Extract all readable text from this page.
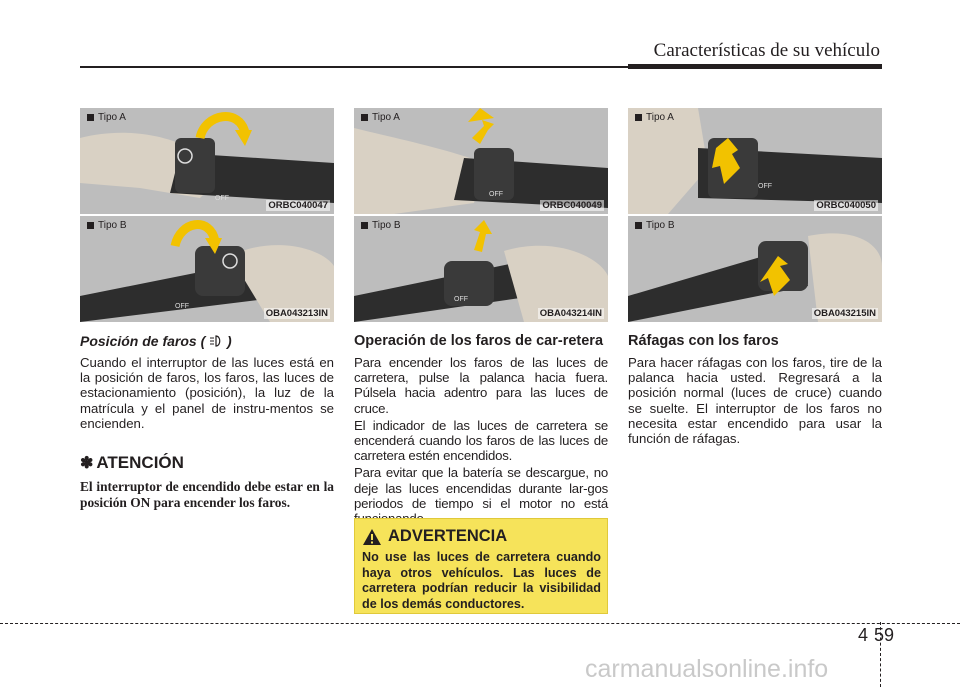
Características de su vehículo
OFF
Tipo A
ORBC040047
OFF
Tipo B
OBA043213IN
Posición de faros ( )
Cuando el interruptor de las luces está en la posición de faros, los faros, las luces de estacionamiento (posición), la luz de la matrícula y el panel de instru-mentos se encienden.
✽ ATENCIÓN
El interruptor de encendido debe estar en la posición ON para encender los faros.
OFF
Tipo A
ORBC040049
OFF
Tipo B
OBA043214IN
Operación de los faros de car-retera
Para encender los faros de las luces de carretera, pulse la palanca hacia fuera. Púlsela hacia adentro para las luces de cruce.
El indicador de las luces de carretera se encenderá cuando los faros de las luces de carretera estén encendidos.
Para evitar que la batería se descargue, no deje las luces encendidas durante lar-gos periodos de tiempo si el motor no está
OFF
Tipo A
ORBC040050
Tipo B
OBA043215IN
Ráfagas con los faros
Para hacer ráfagas con los faros, tire de la palanca hacia usted. Regresará a la posición normal (luces de cruce) cuando se suelte. El interruptor de los faros no necesita estar encendido para usar la función de ráfagas.
ADVERTENCIA
No use las luces de carretera cuando haya otros vehículos. Las luces de carretera podrían reducir la visibilidad de los demás conductores.
4 59
carmanualsonline.info
